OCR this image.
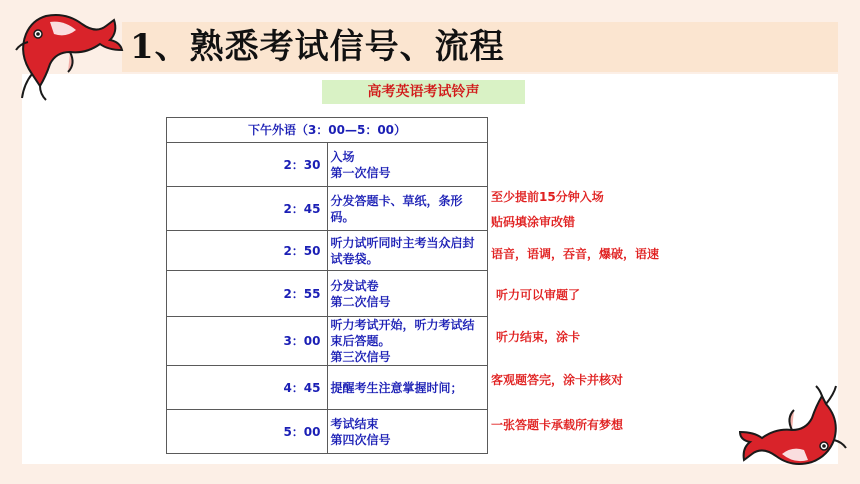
1、熟悉考试信号、流程
高考英语考试铃声
下午外语（3：00—5：00）	
2：30	入场
第一次信号

2：45	分发答题卡、草纸，条形码。

2：50	听力试听同时主考当众启封试卷袋。

2：55	分发试卷
第二次信号

3：00	听力考试开始，听力考试结束后答题。
第三次信号

4：45	提醒考生注意掌握时间；

5：00	考试结束
第四次信号
至少提前15分钟入场
贴码填涂审改错
语音，语调，吞音，爆破，语速
听力可以审题了
听力结束，涂卡
客观题答完，涂卡并核对
一张答题卡承载所有梦想
